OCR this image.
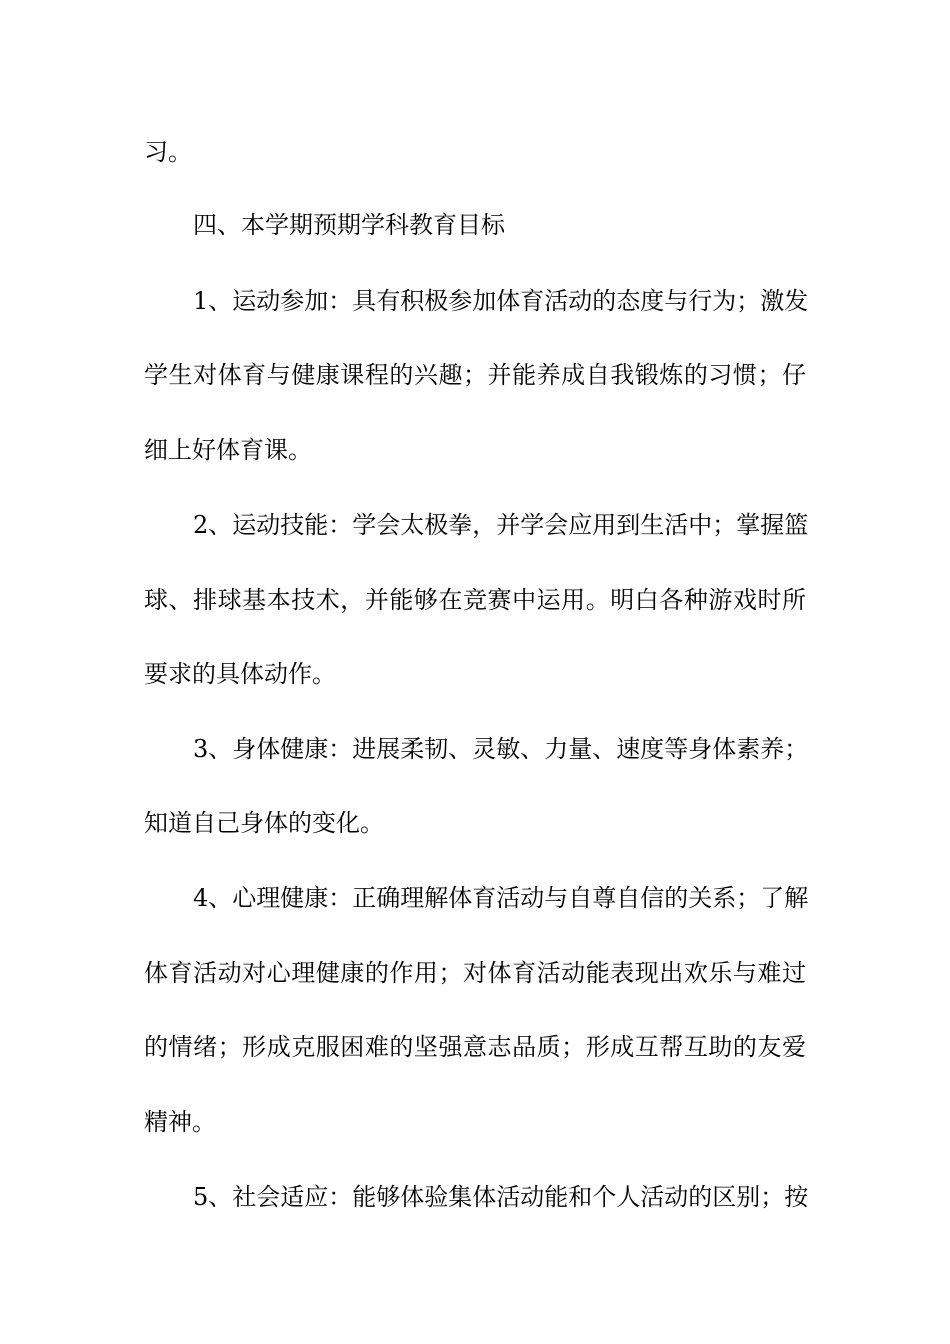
习。
四、本学期预期学科教育目标
1、运动参加：具有积极参加体育活动的态度与行为；激发
学生对体育与健康课程的兴趣；并能养成自我锻炼的习惯；仔
细上好体育课。
2、运动技能：学会太极拳，并学会应用到生活中；掌握篮
球、排球基本技术，并能够在竞赛中运用。明白各种游戏时所
要求的具体动作。
3、身体健康：进展柔韧、灵敏、力量、速度等身体素养；
知道自己身体的变化。
4、心理健康：正确理解体育活动与自尊自信的关系；了解
体育活动对心理健康的作用；对体育活动能表现出欢乐与难过
的情绪；形成克服困难的坚强意志品质；形成互帮互助的友爱
精神。
5、社会适应：能够体验集体活动能和个人活动的区别；按
